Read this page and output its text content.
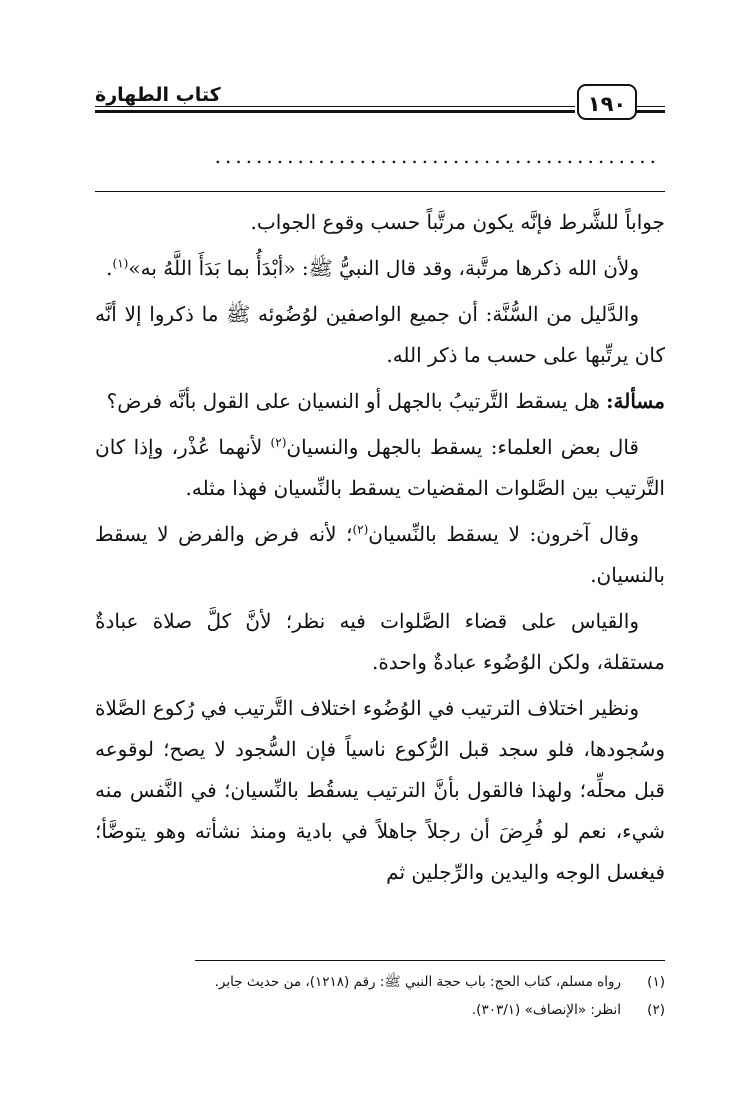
كتاب الطهارة	١٩٠
...........................................

جواباً للشَّرط فإنَّه يكون مرتَّباً حسب وقوع الجواب.

ولأن الله ذكرها مرتَّبة، وقد قال النبيُّ ﷺ: «أبْدَأُ بما بَدَأَ اللَّهُ به»$^{(١)}$.

والدَّليل من السُّنَّة: أن جميع الواصفين لوُضُوئه ﷺ ما ذكروا إلا أنَّه كان يرتِّبها على حسب ما ذكر الله.

مسألة: هل يسقط التَّرتيبُ بالجهل أو النسيان على القول بأنَّه فرض؟

قال بعض العلماء: يسقط بالجهل والنسيان$^{(٢)}$ لأنهما عُذْر، وإذا كان التَّرتيب بين الصَّلوات المقضيات يسقط بالنِّسيان فهذا مثله.

وقال آخرون: لا يسقط بالنِّسيان$^{(٢)}$؛ لأنه فرض والفرض لا يسقط بالنسيان.

والقياس على قضاء الصَّلوات فيه نظر؛ لأنَّ كلَّ صلاة عبادةٌ مستقلة، ولكن الوُضُوء عبادةٌ واحدة.

ونظير اختلاف الترتيب في الوُضُوء اختلاف التَّرتيب في رُكوع الصَّلاة وسُجودها، فلو سجد قبل الرُّكوع ناسياً فإن السُّجود لا يصح؛ لوقوعه قبل محلِّه؛ ولهذا فالقول بأنَّ الترتيب يسقُط بالنِّسيان؛ في النَّفس منه شيء، نعم لو فُرِضَ أن رجلاً جاهلاً في بادية ومنذ نشأته وهو يتوضَّأ؛ فيغسل الوجه واليدين والرِّجلين ثم

(١)
رواه مسلم، كتاب الحج: باب حجة النبي ﷺ: رقم (١٢١٨)، من حديث جابر.
(٢)
انظر: «الإنصاف» (٣٠٣/١).
